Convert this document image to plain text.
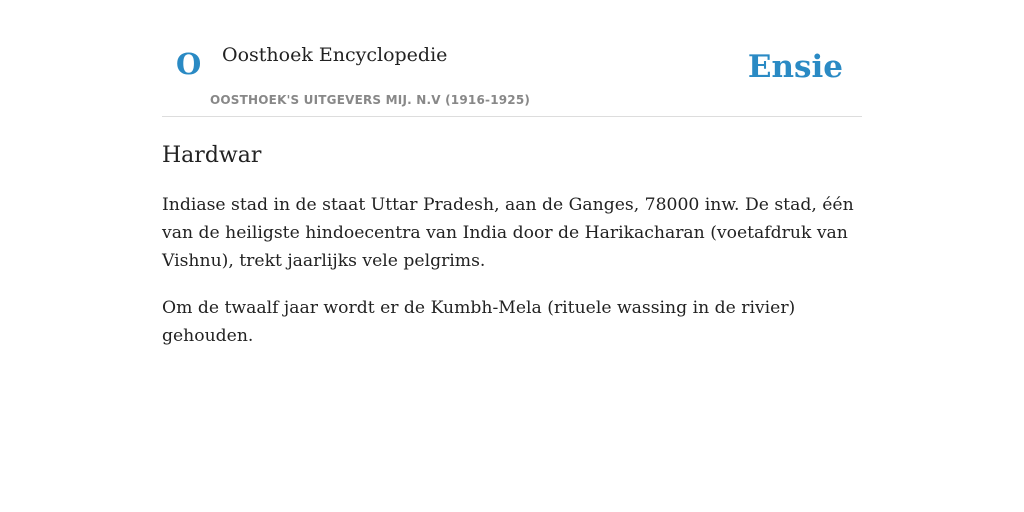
O Oosthoek Encyclopedie
OOSTHOEK'S UITGEVERS MIJ. N.V (1916-1925)
Ensie
Hardwar

Indiase stad in de staat Uttar Pradesh, aan de Ganges, 78000 inw. De stad, één van de heiligste hindoecentra van India door de Harikacharan (voetafdruk van Vishnu), trekt jaarlijks vele pelgrims.

Om de twaalf jaar wordt er de Kumbh-Mela (rituele wassing in de rivier) gehouden.
